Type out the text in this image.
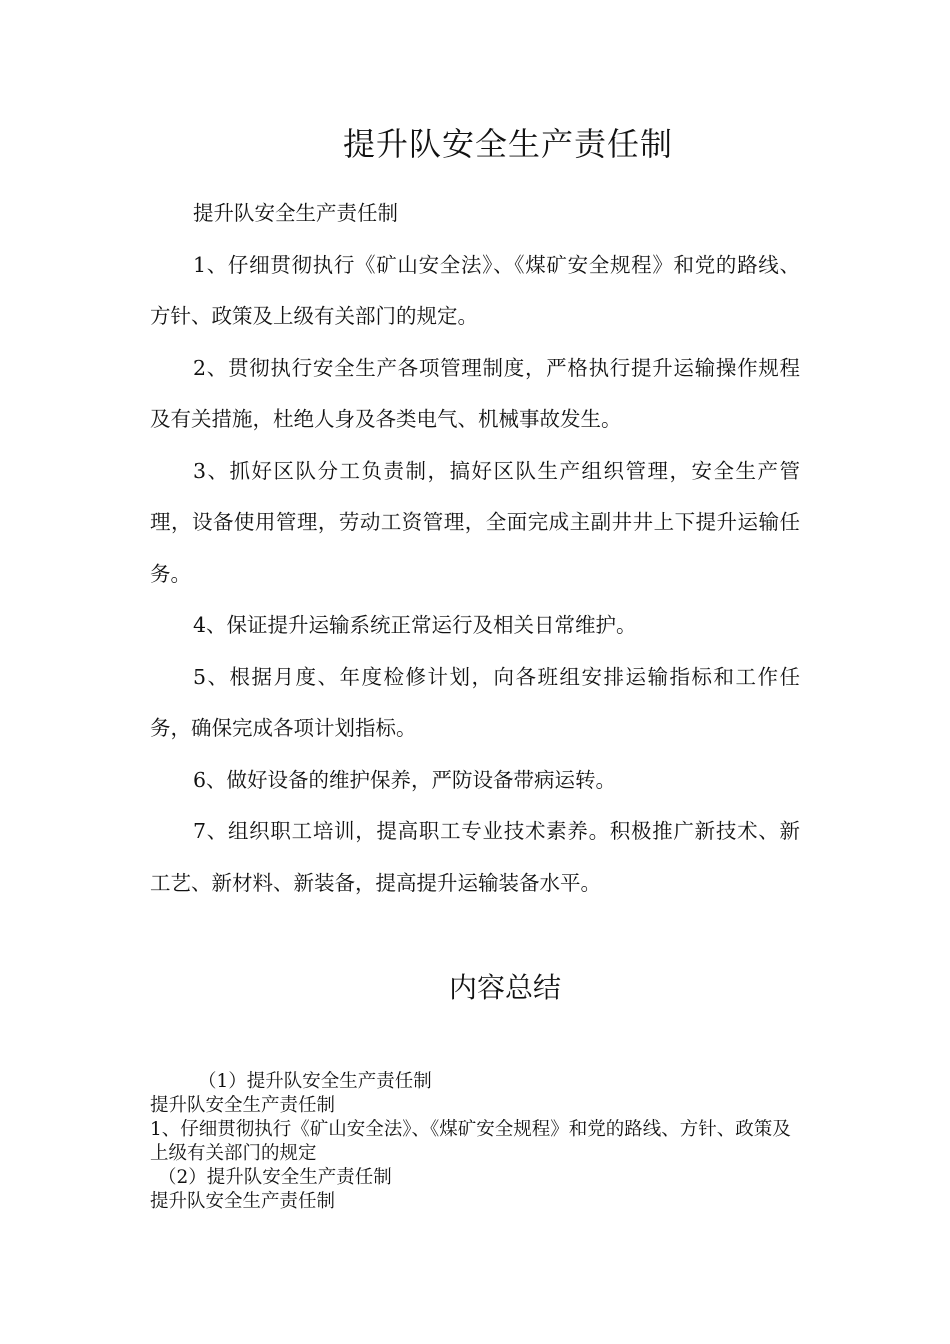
提升队安全生产责任制

提升队安全生产责任制

1、仔细贯彻执行《矿山安全法》、《煤矿安全规程》和党的路线、方针、政策及上级有关部门的规定。

2、贯彻执行安全生产各项管理制度，严格执行提升运输操作规程及有关措施，杜绝人身及各类电气、机械事故发生。

3、抓好区队分工负责制，搞好区队生产组织管理，安全生产管理，设备使用管理，劳动工资管理，全面完成主副井井上下提升运输任务。

4、保证提升运输系统正常运行及相关日常维护。

5、根据月度、年度检修计划，向各班组安排运输指标和工作任务，确保完成各项计划指标。

6、做好设备的维护保养，严防设备带病运转。

7、组织职工培训，提高职工专业技术素养。积极推广新技术、新工艺、新材料、新装备，提高提升运输装备水平。

内容总结

（1）提升队安全生产责任制

提升队安全生产责任制

1、仔细贯彻执行《矿山安全法》、《煤矿安全规程》和党的路线、方针、政策及上级有关部门的规定

（2）提升队安全生产责任制

提升队安全生产责任制
